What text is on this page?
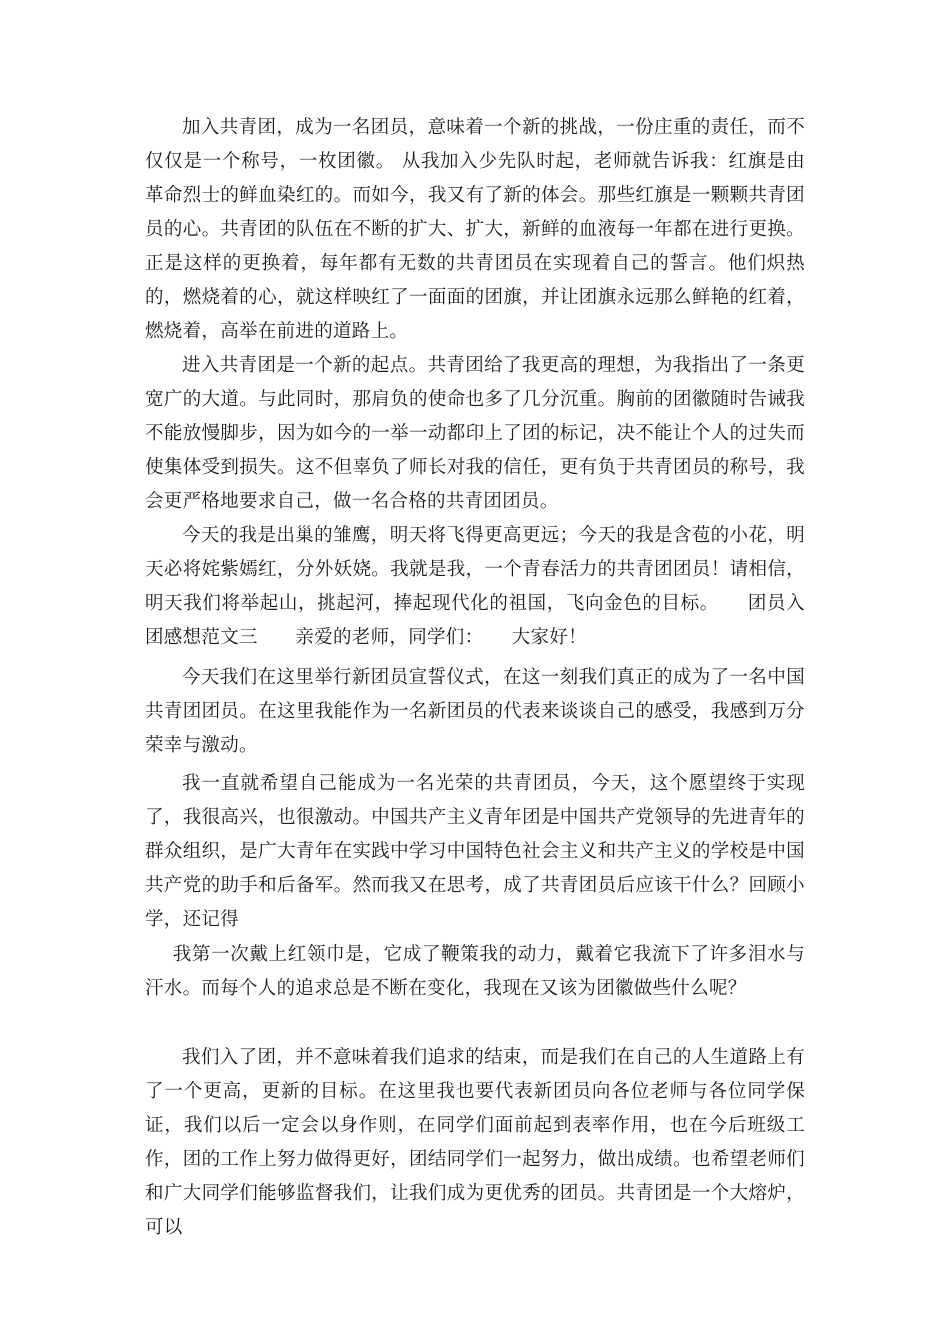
加入共青团，成为一名团员，意味着一个新的挑战，一份庄重的责任，而不仅仅是一个称号，一枚团徽。 从我加入少先队时起，老师就告诉我：红旗是由革命烈士的鲜血染红的。而如今，我又有了新的体会。那些红旗是一颗颗共青团员的心。共青团的队伍在不断的扩大、扩大，新鲜的血液每一年都在进行更换。正是这样的更换着，每年都有无数的共青团员在实现着自己的誓言。他们炽热的，燃烧着的心，就这样映红了一面面的团旗，并让团旗永远那么鲜艳的红着，燃烧着，高举在前进的道路上。

进入共青团是一个新的起点。共青团给了我更高的理想，为我指出了一条更宽广的大道。与此同时，那肩负的使命也多了几分沉重。胸前的团徽随时告诫我不能放慢脚步，因为如今的一举一动都印上了团的标记，决不能让个人的过失而使集体受到损失。这不但辜负了师长对我的信任，更有负于共青团员的称号，我会更严格地要求自己，做一名合格的共青团团员。

今天的我是出巢的雏鹰，明天将飞得更高更远；今天的我是含苞的小花，明天必将姹紫嫣红，分外妖娆。我就是我，一个青春活力的共青团团员！请相信，明天我们将举起山，挑起河，捧起现代化的祖国，飞向金色的目标。　　团员入团感想范文三　　亲爱的老师，同学们：　　大家好！

今天我们在这里举行新团员宣誓仪式，在这一刻我们真正的成为了一名中国共青团团员。在这里我能作为一名新团员的代表来谈谈自己的感受，我感到万分荣幸与激动。

我一直就希望自己能成为一名光荣的共青团员，今天，这个愿望终于实现了，我很高兴，也很激动。中国共产主义青年团是中国共产党领导的先进青年的群众组织，是广大青年在实践中学习中国特色社会主义和共产主义的学校是中国共产党的助手和后备军。然而我又在思考，成了共青团员后应该干什么？回顾小学，还记得

我第一次戴上红领巾是，它成了鞭策我的动力，戴着它我流下了许多泪水与汗水。而每个人的追求总是不断在变化，我现在又该为团徽做些什么呢？

我们入了团，并不意味着我们追求的结束，而是我们在自己的人生道路上有了一个更高，更新的目标。在这里我也要代表新团员向各位老师与各位同学保证，我们以后一定会以身作则，在同学们面前起到表率作用，也在今后班级工作，团的工作上努力做得更好，团结同学们一起努力，做出成绩。也希望老师们和广大同学们能够监督我们，让我们成为更优秀的团员。共青团是一个大熔炉，可以
